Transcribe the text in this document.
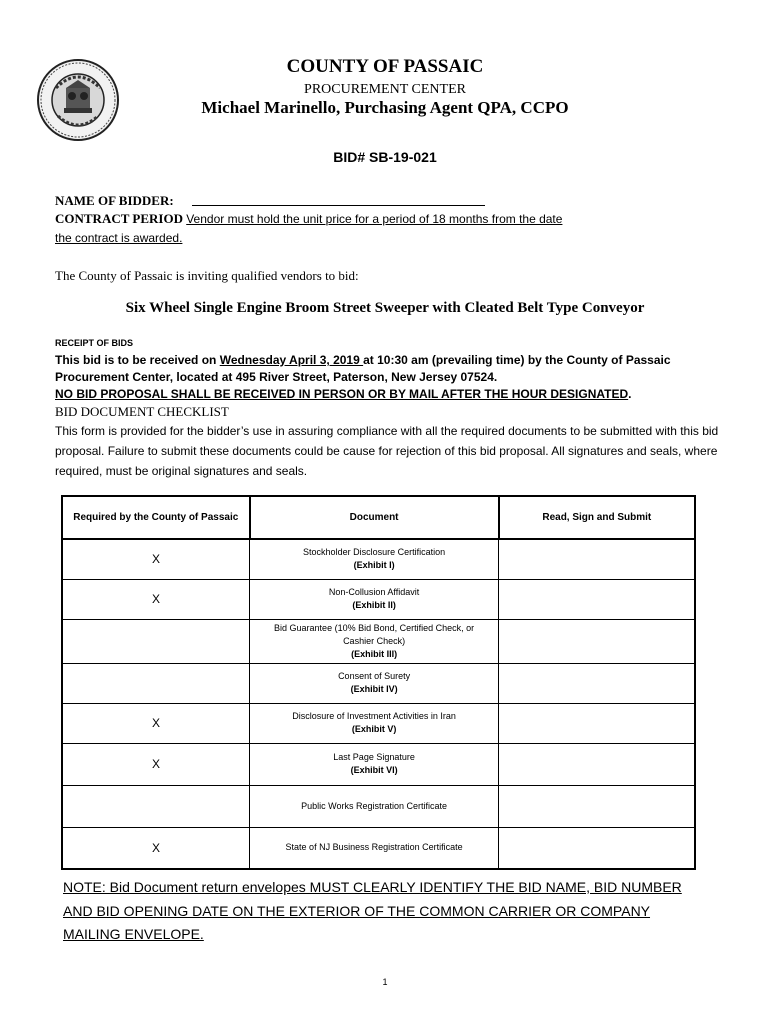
COUNTY OF PASSAIC
PROCUREMENT CENTER
Michael Marinello, Purchasing Agent QPA, CCPO
BID# SB-19-021
NAME OF BIDDER:
CONTRACT PERIOD Vendor must hold the unit price for a period of 18 months from the date
the contract is awarded.
The County of Passaic is inviting qualified vendors to bid:
Six Wheel Single Engine Broom Street Sweeper with Cleated Belt Type Conveyor
RECEIPT OF BIDS
This bid is to be received on Wednesday April 3, 2019 at 10:30 am (prevailing time) by the County of Passaic Procurement Center, located at 495 River Street, Paterson, New Jersey 07524.
NO BID PROPOSAL SHALL BE RECEIVED IN PERSON OR BY MAIL AFTER THE HOUR DESIGNATED.
BID DOCUMENT CHECKLIST
This form is provided for the bidder’s use in assuring compliance with all the required documents to be submitted with this bid proposal. Failure to submit these documents could be cause for rejection of this bid proposal. All signatures and seals, where required, must be original signatures and seals.
Required by the County of Passaic	Document	Read, Sign and Submit
X	Stockholder Disclosure Certification
(Exhibit I)	

X	Non-Collusion Affidavit
(Exhibit II)	

	Bid Guarantee (10% Bid Bond, Certified Check, or
Cashier Check)
(Exhibit III)	

	Consent of Surety
(Exhibit IV)	

X	Disclosure of Investment Activities in Iran
(Exhibit V)	

X	Last Page Signature
(Exhibit VI)	

	Public Works Registration Certificate	

X	State of NJ Business Registration Certificate	

NOTE: Bid Document return envelopes MUST CLEARLY IDENTIFY THE BID NAME, BID NUMBER
AND BID OPENING DATE ON THE EXTERIOR OF THE COMMON CARRIER OR COMPANY
MAILING ENVELOPE.
1
